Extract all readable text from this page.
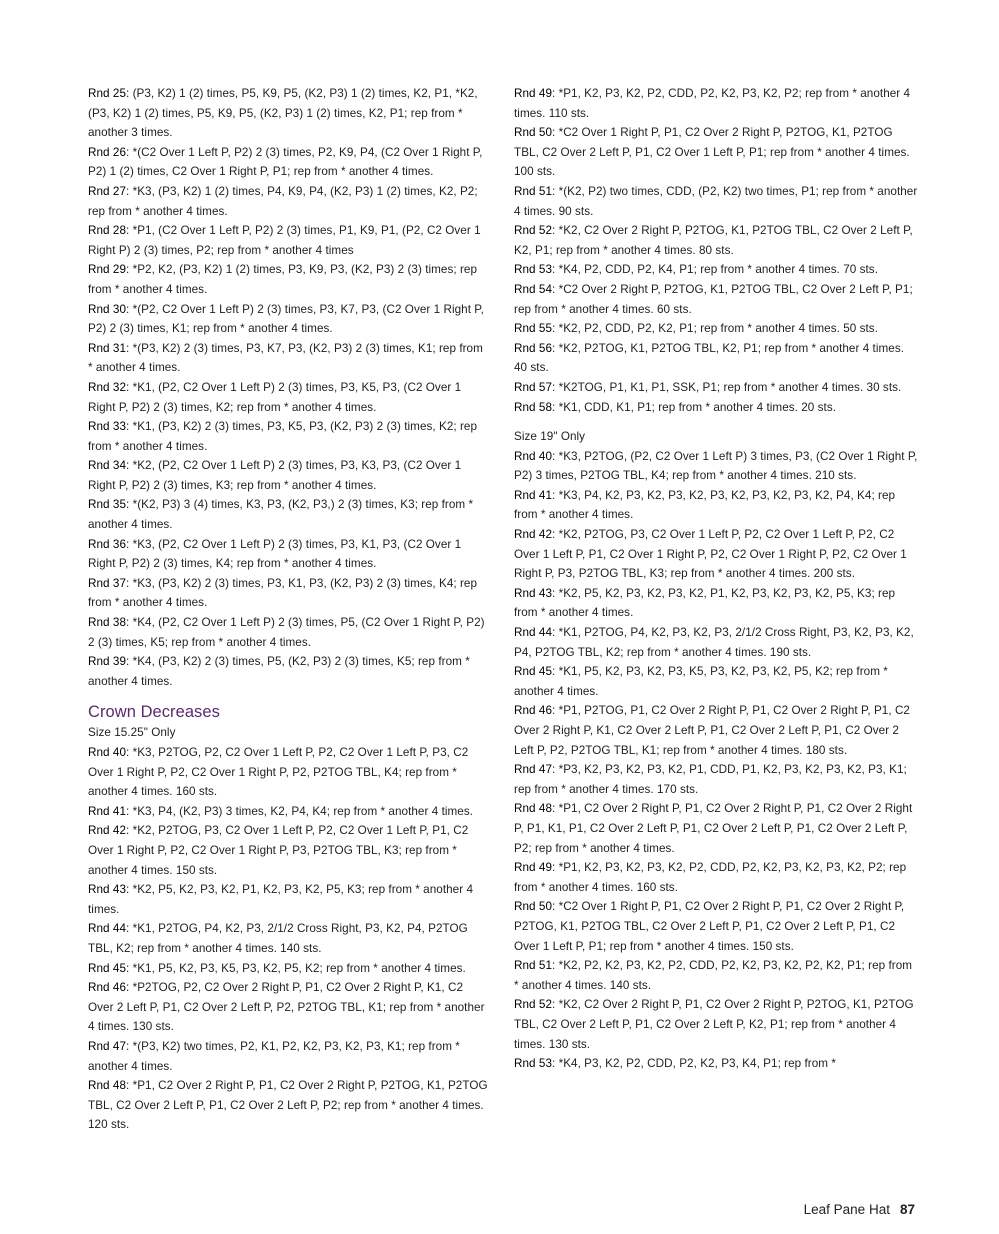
Rnd 25: (P3, K2) 1 (2) times, P5, K9, P5, (K2, P3) 1 (2) times, K2, P1, *K2, (P3, K2) 1 (2) times, P5, K9, P5, (K2, P3) 1 (2) times, K2, P1; rep from * another 3 times.

Rnd 26: *(C2 Over 1 Left P, P2) 2 (3) times, P2, K9, P4, (C2 Over 1 Right P, P2) 1 (2) times, C2 Over 1 Right P, P1; rep from * another 4 times.

Rnd 27: *K3, (P3, K2) 1 (2) times, P4, K9, P4, (K2, P3) 1 (2) times, K2, P2; rep from * another 4 times.

Rnd 28: *P1, (C2 Over 1 Left P, P2) 2 (3) times, P1, K9, P1, (P2, C2 Over 1 Right P) 2 (3) times, P2; rep from * another 4 times

Rnd 29: *P2, K2, (P3, K2) 1 (2) times, P3, K9, P3, (K2, P3) 2 (3) times; rep from * another 4 times.

Rnd 30: *(P2, C2 Over 1 Left P) 2 (3) times, P3, K7, P3, (C2 Over 1 Right P, P2) 2 (3) times, K1; rep from * another 4 times.

Rnd 31: *(P3, K2) 2 (3) times, P3, K7, P3, (K2, P3) 2 (3) times, K1; rep from * another 4 times.

Rnd 32: *K1, (P2, C2 Over 1 Left P) 2 (3) times, P3, K5, P3, (C2 Over 1 Right P, P2) 2 (3) times, K2; rep from * another 4 times.

Rnd 33: *K1, (P3, K2) 2 (3) times, P3, K5, P3, (K2, P3) 2 (3) times, K2; rep from * another 4 times.

Rnd 34: *K2, (P2, C2 Over 1 Left P) 2 (3) times, P3, K3, P3, (C2 Over 1 Right P, P2) 2 (3) times, K3; rep from * another 4 times.

Rnd 35: *(K2, P3) 3 (4) times, K3, P3, (K2, P3,) 2 (3) times, K3; rep from * another 4 times.

Rnd 36: *K3, (P2, C2 Over 1 Left P) 2 (3) times, P3, K1, P3, (C2 Over 1 Right P, P2) 2 (3) times, K4; rep from * another 4 times.

Rnd 37: *K3, (P3, K2) 2 (3) times, P3, K1, P3, (K2, P3) 2 (3) times, K4; rep from * another 4 times.

Rnd 38: *K4, (P2, C2 Over 1 Left P) 2 (3) times, P5, (C2 Over 1 Right P, P2) 2 (3) times, K5; rep from * another 4 times.

Rnd 39: *K4, (P3, K2) 2 (3) times, P5, (K2, P3) 2 (3) times, K5; rep from * another 4 times.

Crown Decreases
Size 15.25" Only

Rnd 40: *K3, P2TOG, P2, C2 Over 1 Left P, P2, C2 Over 1 Left P, P3, C2 Over 1 Right P, P2, C2 Over 1 Right P, P2, P2TOG TBL, K4; rep from * another 4 times. 160 sts.

Rnd 41: *K3, P4, (K2, P3) 3 times, K2, P4, K4; rep from * another 4 times.

Rnd 42: *K2, P2TOG, P3, C2 Over 1 Left P, P2, C2 Over 1 Left P, P1, C2 Over 1 Right P, P2, C2 Over 1 Right P, P3, P2TOG TBL, K3; rep from * another 4 times. 150 sts.

Rnd 43: *K2, P5, K2, P3, K2, P1, K2, P3, K2, P5, K3; rep from * another 4 times.

Rnd 44: *K1, P2TOG, P4, K2, P3, 2/1/2 Cross Right, P3, K2, P4, P2TOG TBL, K2; rep from * another 4 times. 140 sts.

Rnd 45: *K1, P5, K2, P3, K5, P3, K2, P5, K2; rep from * another 4 times.

Rnd 46: *P2TOG, P2, C2 Over 2 Right P, P1, C2 Over 2 Right P, K1, C2 Over 2 Left P, P1, C2 Over 2 Left P, P2, P2TOG TBL, K1; rep from * another 4 times. 130 sts.

Rnd 47: *(P3, K2) two times, P2, K1, P2, K2, P3, K2, P3, K1; rep from * another 4 times.

Rnd 48: *P1, C2 Over 2 Right P, P1, C2 Over 2 Right P, P2TOG, K1, P2TOG TBL, C2 Over 2 Left P, P1, C2 Over 2 Left P, P2; rep from * another 4 times. 120 sts.

Rnd 49: *P1, K2, P3, K2, P2, CDD, P2, K2, P3, K2, P2; rep from * another 4 times. 110 sts.

Rnd 50: *C2 Over 1 Right P, P1, C2 Over 2 Right P, P2TOG, K1, P2TOG TBL, C2 Over 2 Left P, P1, C2 Over 1 Left P, P1; rep from * another 4 times. 100 sts.

Rnd 51: *(K2, P2) two times, CDD, (P2, K2) two times, P1; rep from * another 4 times. 90 sts.

Rnd 52: *K2, C2 Over 2 Right P, P2TOG, K1, P2TOG TBL, C2 Over 2 Left P, K2, P1; rep from * another 4 times. 80 sts.

Rnd 53: *K4, P2, CDD, P2, K4, P1; rep from * another 4 times. 70 sts.

Rnd 54: *C2 Over 2 Right P, P2TOG, K1, P2TOG TBL, C2 Over 2 Left P, P1; rep from * another 4 times. 60 sts.

Rnd 55: *K2, P2, CDD, P2, K2, P1; rep from * another 4 times. 50 sts.

Rnd 56: *K2, P2TOG, K1, P2TOG TBL, K2, P1; rep from * another 4 times. 40 sts.

Rnd 57: *K2TOG, P1, K1, P1, SSK, P1; rep from * another 4 times. 30 sts.

Rnd 58: *K1, CDD, K1, P1; rep from * another 4 times. 20 sts.

Size 19" Only

Rnd 40: *K3, P2TOG, (P2, C2 Over 1 Left P) 3 times, P3, (C2 Over 1 Right P, P2) 3 times, P2TOG TBL, K4; rep from * another 4 times. 210 sts.

Rnd 41: *K3, P4, K2, P3, K2, P3, K2, P3, K2, P3, K2, P3, K2, P4, K4; rep from * another 4 times.

Rnd 42: *K2, P2TOG, P3, C2 Over 1 Left P, P2, C2 Over 1 Left P, P2, C2 Over 1 Left P, P1, C2 Over 1 Right P, P2, C2 Over 1 Right P, P2, C2 Over 1 Right P, P3, P2TOG TBL, K3; rep from * another 4 times. 200 sts.

Rnd 43: *K2, P5, K2, P3, K2, P3, K2, P1, K2, P3, K2, P3, K2, P5, K3; rep from * another 4 times.

Rnd 44: *K1, P2TOG, P4, K2, P3, K2, P3, 2/1/2 Cross Right, P3, K2, P3, K2, P4, P2TOG TBL, K2; rep from * another 4 times. 190 sts.

Rnd 45: *K1, P5, K2, P3, K2, P3, K5, P3, K2, P3, K2, P5, K2; rep from * another 4 times.

Rnd 46: *P1, P2TOG, P1, C2 Over 2 Right P, P1, C2 Over 2 Right P, P1, C2 Over 2 Right P, K1, C2 Over 2 Left P, P1, C2 Over 2 Left P, P1, C2 Over 2 Left P, P2, P2TOG TBL, K1; rep from * another 4 times. 180 sts.

Rnd 47: *P3, K2, P3, K2, P3, K2, P1, CDD, P1, K2, P3, K2, P3, K2, P3, K1; rep from * another 4 times. 170 sts.

Rnd 48: *P1, C2 Over 2 Right P, P1, C2 Over 2 Right P, P1, C2 Over 2 Right P, P1, K1, P1, C2 Over 2 Left P, P1, C2 Over 2 Left P, P1, C2 Over 2 Left P, P2; rep from * another 4 times.

Rnd 49: *P1, K2, P3, K2, P3, K2, P2, CDD, P2, K2, P3, K2, P3, K2, P2; rep from * another 4 times. 160 sts.

Rnd 50: *C2 Over 1 Right P, P1, C2 Over 2 Right P, P1, C2 Over 2 Right P, P2TOG, K1, P2TOG TBL, C2 Over 2 Left P, P1, C2 Over 2 Left P, P1, C2 Over 1 Left P, P1; rep from * another 4 times. 150 sts.

Rnd 51: *K2, P2, K2, P3, K2, P2, CDD, P2, K2, P3, K2, P2, K2, P1; rep from * another 4 times. 140 sts.

Rnd 52: *K2, C2 Over 2 Right P, P1, C2 Over 2 Right P, P2TOG, K1, P2TOG TBL, C2 Over 2 Left P, P1, C2 Over 2 Left P, K2, P1; rep from * another 4 times. 130 sts.

Rnd 53: *K4, P3, K2, P2, CDD, P2, K2, P3, K4, P1; rep from *

Leaf Pane Hat 87
